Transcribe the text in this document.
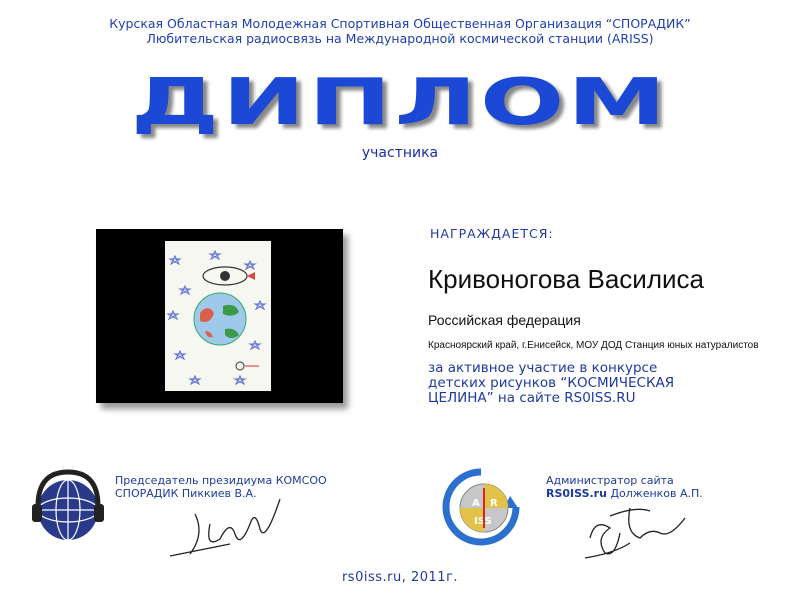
Курская Областная Молодежная Спортивная Общественная Организация “СПОРАДИК”
Любительская радиосвязь на Международной космической станции (ARISS)
ДИПЛОМ
участника
НАГРАЖДАЕТСЯ:
Кривоногова Василиса
Российская федерация
Красноярский край, г.Енисейск, МОУ ДОД Станция юных натуралистов
за активное участие в конкурсе
детских рисунков “КОСМИЧЕСКАЯ
ЦЕЛИНА” на сайте RS0ISS.RU
Председатель президиума КОМСОО
СПОРАДИК Пиккиев В.А.
A R
ISS
Администратор сайта
RS0ISS.ru Долженков А.П.
rs0iss.ru, 2011г.
